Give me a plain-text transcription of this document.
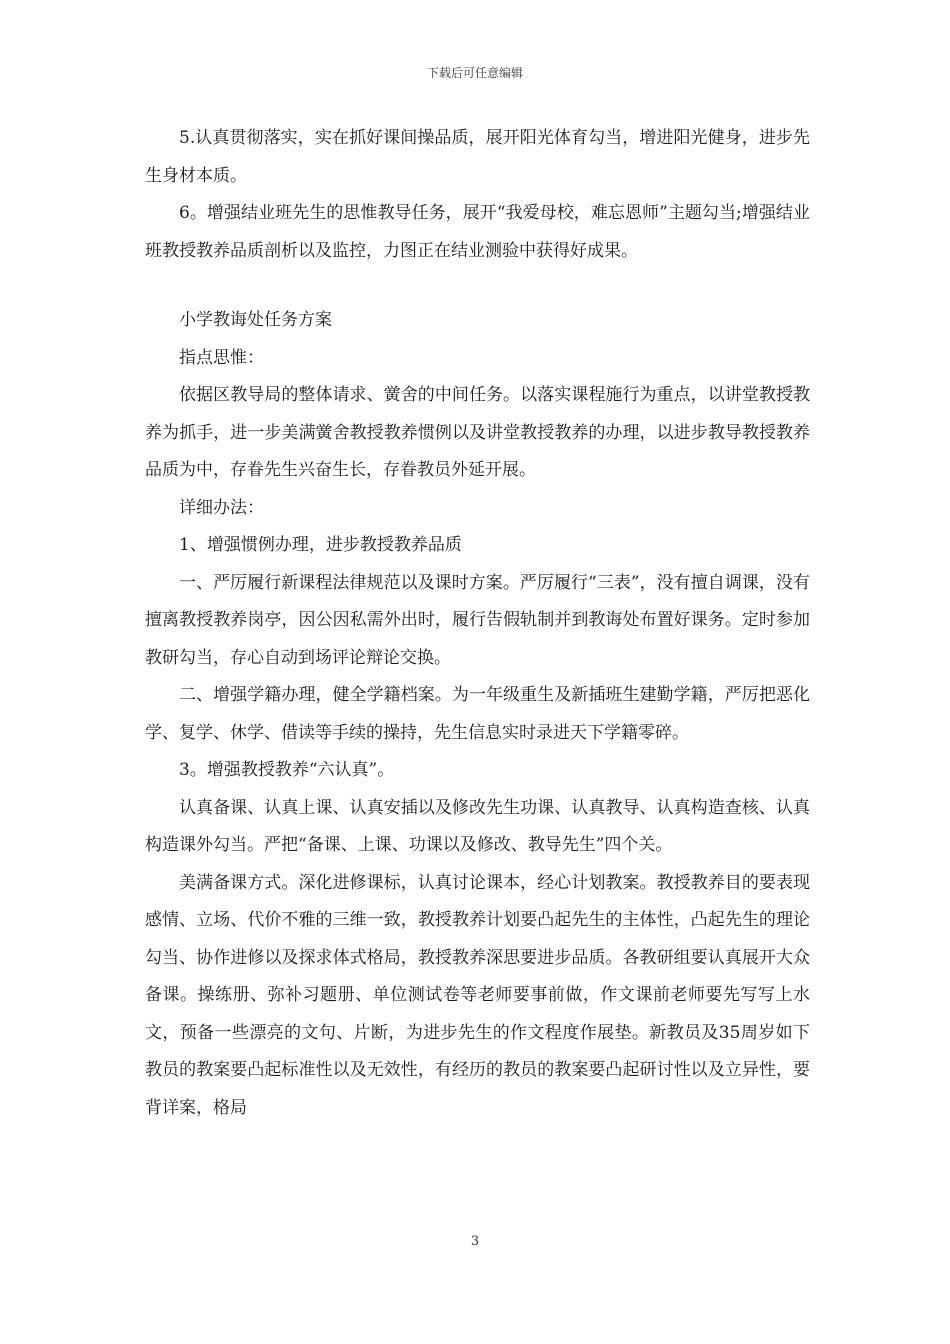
下载后可任意编辑

5.认真贯彻落实，实在抓好课间操品质，展开阳光体育勾当，增进阳光健身，进步先生身材本质。

6。增强结业班先生的思惟教导任务，展开“我爱母校，难忘恩师”主题勾当;增强结业班教授教养品质剖析以及监控，力图正在结业测验中获得好成果。

小学教诲处任务方案

指点思惟：

依据区教导局的整体请求、黉舍的中间任务。以落实课程施行为重点，以讲堂教授教养为抓手，进一步美满黉舍教授教养惯例以及讲堂教授教养的办理，以进步教导教授教养品质为中，存眷先生兴奋生长，存眷教员外延开展。

详细办法：

1、增强惯例办理，进步教授教养品质

一、严厉履行新课程法律规范以及课时方案。严厉履行“三表”，没有擅自调课，没有擅离教授教养岗亭，因公因私需外出时，履行告假轨制并到教诲处布置好课务。定时参加教研勾当，存心自动到场评论辩论交换。

二、增强学籍办理，健全学籍档案。为一年级重生及新插班生建勤学籍，严厉把恶化学、复学、休学、借读等手续的操持，先生信息实时录进天下学籍零碎。

3。增强教授教养“六认真”。

认真备课、认真上课、认真安插以及修改先生功课、认真教导、认真构造查核、认真构造课外勾当。严把“备课、上课、功课以及修改、教导先生”四个关。

美满备课方式。深化进修课标，认真讨论课本，经心计划教案。教授教养目的要表现感情、立场、代价不雅的三维一致，教授教养计划要凸起先生的主体性，凸起先生的理论勾当、协作进修以及探求体式格局，教授教养深思要进步品质。各教研组要认真展开大众备课。操练册、弥补习题册、单位测试卷等老师要事前做，作文课前老师要先写写上水文，预备一些漂亮的文句、片断，为进步先生的作文程度作展垫。新教员及35周岁如下教员的教案要凸起标准性以及无效性，有经历的教员的教案要凸起研讨性以及立异性，要背详案，格局

3
